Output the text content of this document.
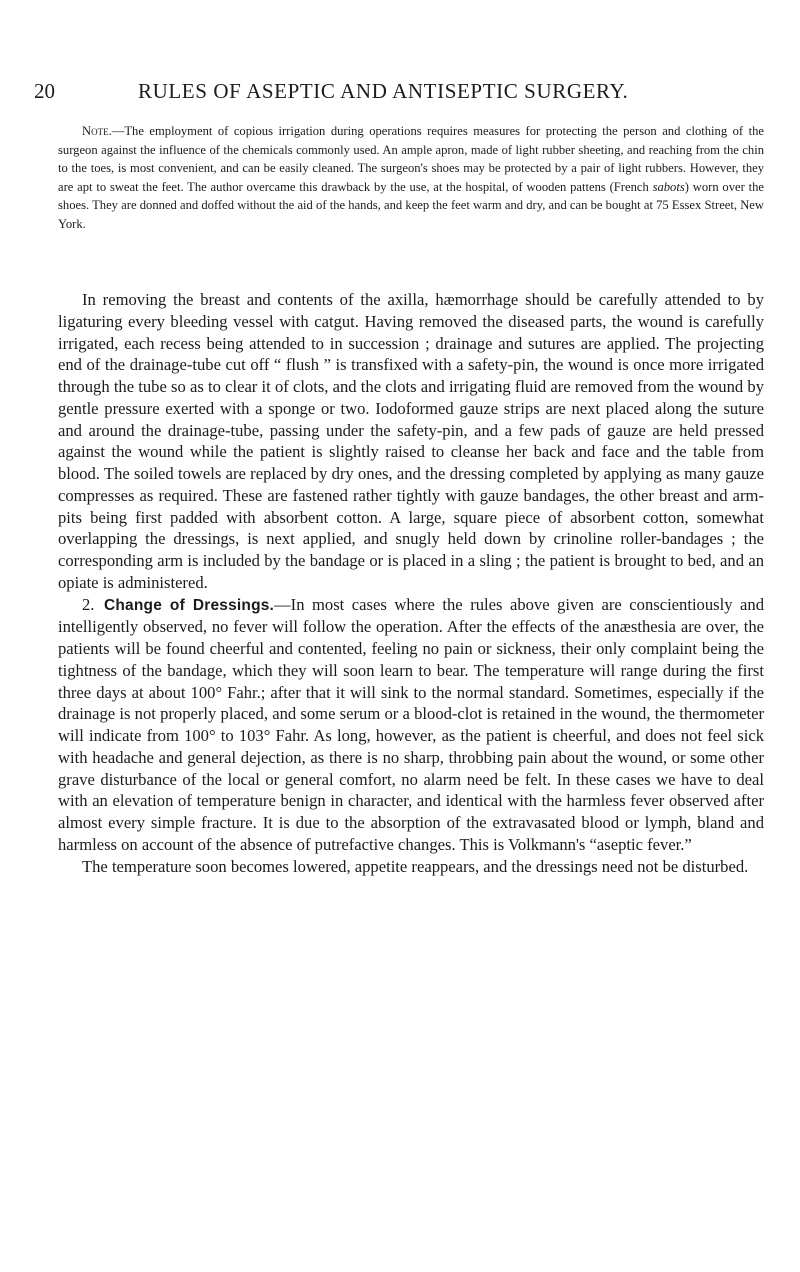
20	RULES OF ASEPTIC AND ANTISEPTIC SURGERY.

Note.—The employment of copious irrigation during operations requires measures for protecting the person and clothing of the surgeon against the influence of the chemicals commonly used. An ample apron, made of light rubber sheeting, and reaching from the chin to the toes, is most convenient, and can be easily cleaned. The surgeon's shoes may be protected by a pair of light rubbers. However, they are apt to sweat the feet. The author overcame this drawback by the use, at the hospital, of wooden pattens (French sabots) worn over the shoes. They are donned and doffed without the aid of the hands, and keep the feet warm and dry, and can be bought at 75 Essex Street, New York.

In removing the breast and contents of the axilla, hæmorrhage should be carefully attended to by ligaturing every bleeding vessel with catgut. Having removed the diseased parts, the wound is carefully irrigated, each recess being attended to in succession ; drainage and sutures are applied. The projecting end of the drainage-tube cut off “ flush ” is transfixed with a safety-pin, the wound is once more irrigated through the tube so as to clear it of clots, and the clots and irrigating fluid are removed from the wound by gentle pressure exerted with a sponge or two. Iodoformed gauze strips are next placed along the suture and around the drainage-tube, passing under the safety-pin, and a few pads of gauze are held pressed against the wound while the patient is slightly raised to cleanse her back and face and the table from blood. The soiled towels are replaced by dry ones, and the dressing completed by applying as many gauze compresses as required. These are fastened rather tightly with gauze bandages, the other breast and arm-pits being first padded with absorbent cotton. A large, square piece of absorbent cotton, somewhat overlapping the dressings, is next applied, and snugly held down by crinoline roller-bandages ; the corresponding arm is included by the bandage or is placed in a sling ; the patient is brought to bed, and an opiate is administered.

2. Change of Dressings.—In most cases where the rules above given are conscientiously and intelligently observed, no fever will follow the operation. After the effects of the anæsthesia are over, the patients will be found cheerful and contented, feeling no pain or sickness, their only complaint being the tightness of the bandage, which they will soon learn to bear. The temperature will range during the first three days at about 100° Fahr.; after that it will sink to the normal standard. Sometimes, especially if the drainage is not properly placed, and some serum or a blood-clot is retained in the wound, the thermometer will indicate from 100° to 103° Fahr. As long, however, as the patient is cheerful, and does not feel sick with headache and general dejection, as there is no sharp, throbbing pain about the wound, or some other grave disturbance of the local or general comfort, no alarm need be felt. In these cases we have to deal with an elevation of temperature benign in character, and identical with the harmless fever observed after almost every simple fracture. It is due to the absorption of the extravasated blood or lymph, bland and harmless on account of the absence of putrefactive changes. This is Volkmann's “aseptic fever.”

The temperature soon becomes lowered, appetite reappears, and the dressings need not be disturbed.
